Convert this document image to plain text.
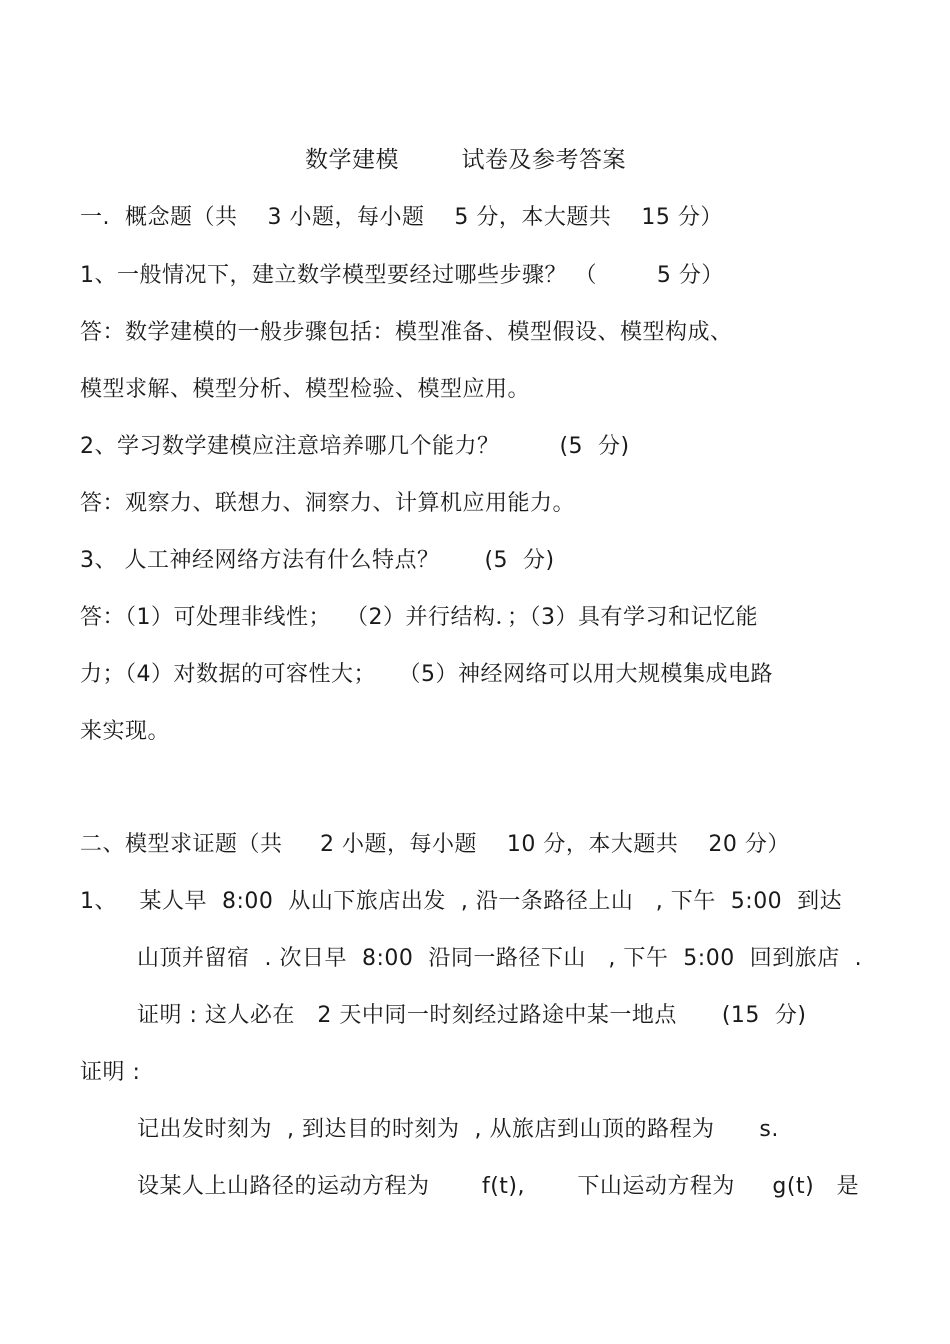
数学建模        试卷及参考答案
一.  概念题（共    3 小题，每小题    5 分，本大题共    15 分）
1、一般情况下，建立数学模型要经过哪些步骤？ （        5 分）
答：数学建模的一般步骤包括：模型准备、模型假设、模型构成、
模型求解、模型分析、模型检验、模型应用。
2、学习数学建模应注意培养哪几个能力？        (5  分)
答：观察力、联想力、洞察力、计算机应用能力。
3、 人工神经网络方法有什么特点？      (5  分)
答：（1）可处理非线性；  （2）并行结构．；（3）具有学习和记忆能
力；（4）对数据的可容性大；   （5）神经网络可以用大规模集成电路
来实现。
二、模型求证题（共     2 小题，每小题    10 分，本大题共    20 分）
1、   某人早  8:00  从山下旅店出发  , 沿一条路径上山   , 下午  5:00  到达
山顶并留宿  . 次日早  8:00  沿同一路径下山   , 下午  5:00  回到旅店  .
证明 : 这人必在   2 天中同一时刻经过路途中某一地点      (15  分)
证明 :
记出发时刻为  , 到达目的时刻为  , 从旅店到山顶的路程为      s.
设某人上山路径的运动方程为       f(t),       下山运动方程为     g(t)   是
